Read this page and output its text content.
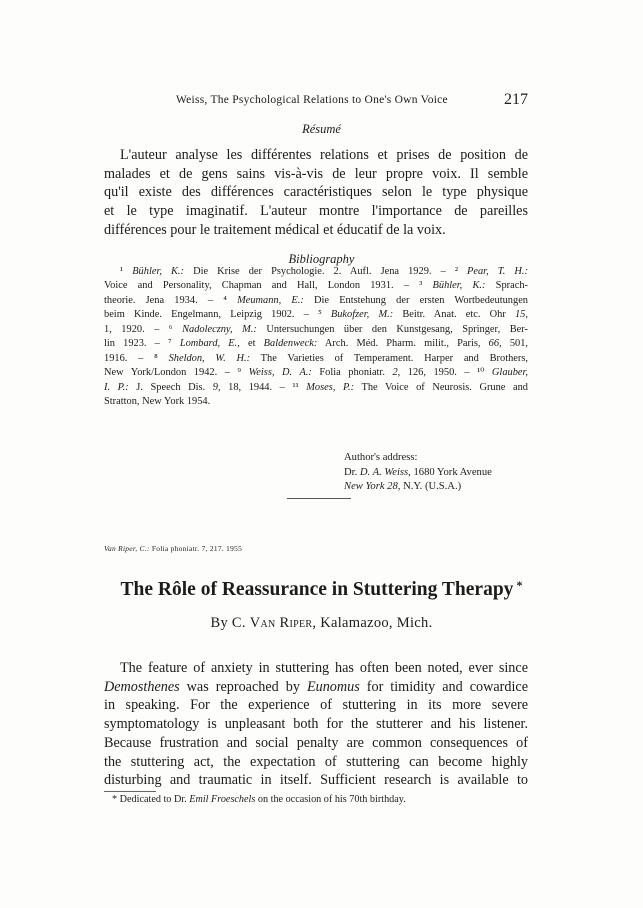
Weiss, The Psychological Relations to One's Own Voice	217
Résumé
L'auteur analyse les différentes relations et prises de position de
malades et de gens sains vis-à-vis de leur propre voix. Il semble
qu'il existe des différences caractéristiques selon le type physique
et le type imaginatif. L'auteur montre l'importance de pareilles
différences pour le traitement médical et éducatif de la voix.
Bibliography
¹ Bühler, K.: Die Krise der Psychologie. 2. Aufl. Jena 1929. – ² Pear, T. H.:
Voice and Personality, Chapman and Hall, London 1931. – ³ Bühler, K.: Sprach-
theorie. Jena 1934. – ⁴ Meumann, E.: Die Entstehung der ersten Wortbedeutungen
beim Kinde. Engelmann, Leipzig 1902. – ⁵ Bukofzer, M.: Beitr. Anat. etc. Ohr 15,
1, 1920. – ⁶ Nadoleczny, M.: Untersuchungen über den Kunstgesang, Springer, Ber-
lin 1923. – ⁷ Lombard, E., et Baldenweck: Arch. Méd. Pharm. milit., Paris, 66, 501,
1916. – ⁸ Sheldon, W. H.: The Varieties of Temperament. Harper and Brothers,
New York/London 1942. – ⁹ Weiss, D. A.: Folia phoniatr. 2, 126, 1950. – ¹⁰ Glauber,
I. P.: J. Speech Dis. 9, 18, 1944. – ¹¹ Moses, P.: The Voice of Neurosis. Grune and
Stratton, New York 1954.
Author's address:
Dr. D. A. Weiss, 1680 York Avenue
New York 28, N.Y. (U.S.A.)
Van Riper, C.: Folia phoniatr. 7, 217. 1955
The Rôle of Reassurance in Stuttering Therapy *
By C. Van Riper, Kalamazoo, Mich.
The feature of anxiety in stuttering has often been noted, ever since
Demosthenes was reproached by Eunomus for timidity and cowardice
in speaking. For the experience of stuttering in its more severe
symptomatology is unpleasant both for the stutterer and his listener.
Because frustration and social penalty are common consequences of
the stuttering act, the expectation of stuttering can become highly
disturbing and traumatic in itself. Sufficient research is available to
* Dedicated to Dr. Emil Froeschels on the occasion of his 70th birthday.
